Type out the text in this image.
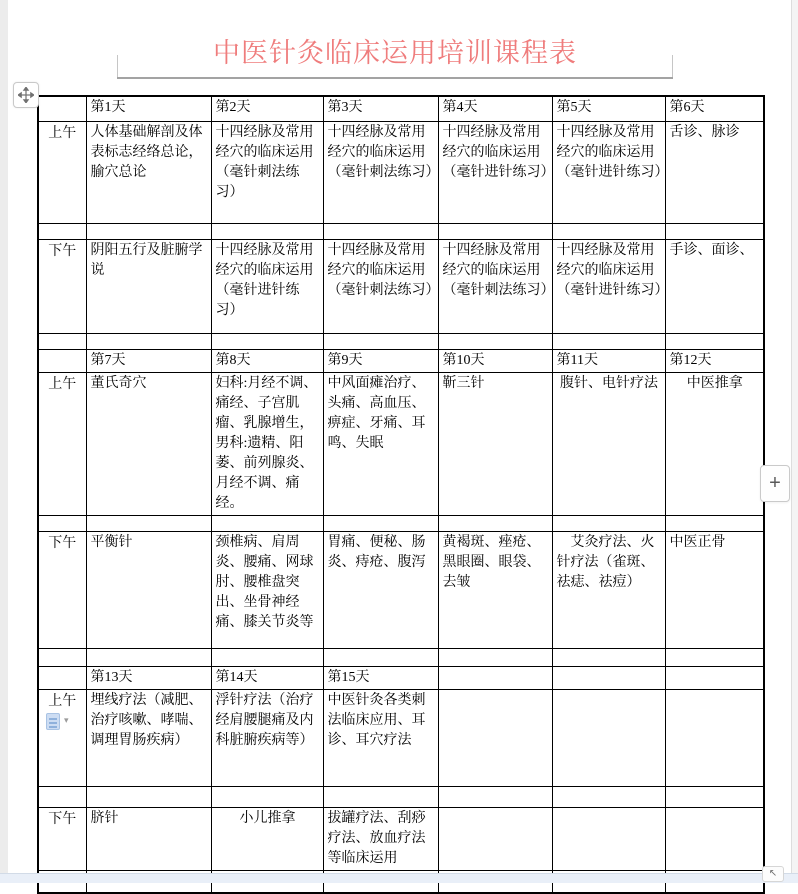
中医针灸临床运用培训课程表
	第1天	第2天	第3天	第4天	第5天	第6天
上午	人体基础解剖及体表标志经络总论，腧穴总论	十四经脉及常用经穴的临床运用（毫针刺法练习）	十四经脉及常用经穴的临床运用（毫针刺法练习）	十四经脉及常用经穴的临床运用（毫针进针练习）	十四经脉及常用经穴的临床运用（毫针进针练习）	舌诊、脉诊

下午	阴阳五行及脏腑学说	十四经脉及常用经穴的临床运用（毫针进针练习）	十四经脉及常用经穴的临床运用（毫针刺法练习）	十四经脉及常用经穴的临床运用（毫针刺法练习）	十四经脉及常用经穴的临床运用（毫针进针练习）	手诊、面诊、

	第7天	第8天	第9天	第10天	第11天	第12天
上午	董氏奇穴	妇科:月经不调、痛经、子宫肌瘤、乳腺增生，男科:遗精、阳萎、前列腺炎、月经不调、痛经。	中风面瘫治疗、头痛、高血压、痹症、牙痛、耳鸣、失眠	靳三针	腹针、电针疗法	中医推拿

下午	平衡针	颈椎病、肩周炎、腰痛、网球肘、腰椎盘突出、坐骨神经痛、膝关节炎等	胃痛、便秘、肠炎、痔疮、腹泻	黄褐斑、痤疮、黑眼圈、眼袋、去皱	艾灸疗法、火针疗法（雀斑、祛痣、祛痘）	中医正骨

	第13天	第14天	第15天			
上午	埋线疗法（减肥、治疗咳嗽、哮喘、调理胃肠疾病）	浮针疗法（治疗经肩腰腿痛及内科脏腑疾病等）	中医针灸各类刺法临床应用、耳诊、耳穴疗法			

下午	脐针	小儿推拿	拔罐疗法、刮痧疗法、放血疗法等临床运用			

▾
+
↖
